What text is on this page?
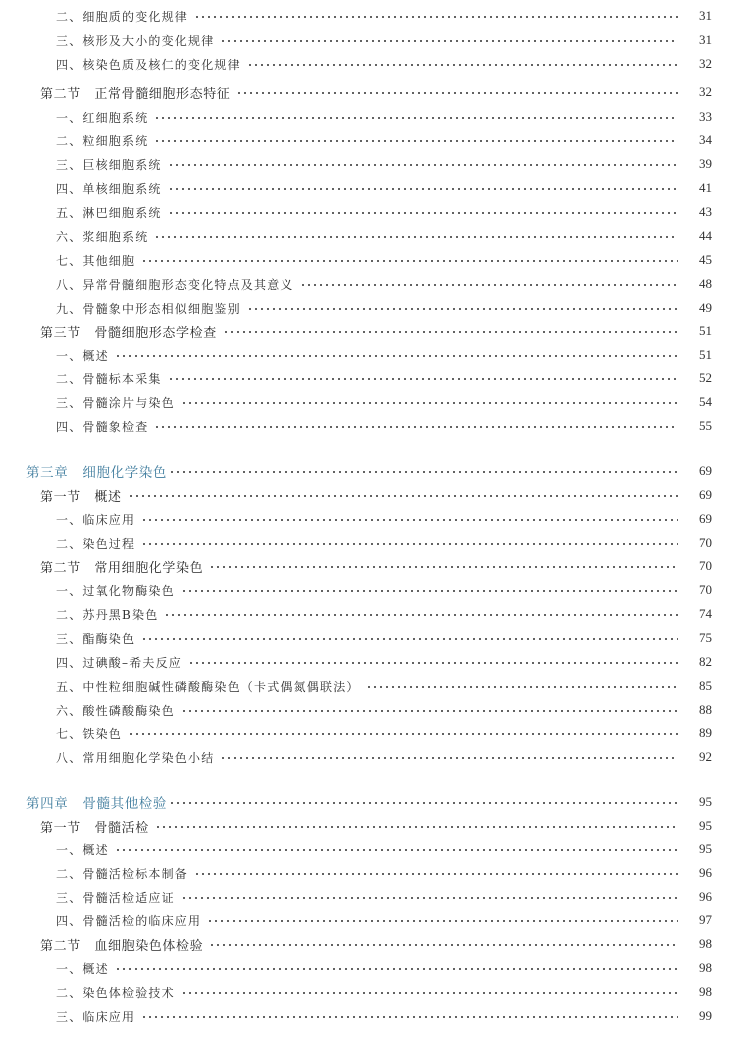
二、细胞质的变化规律	31
三、核形及大小的变化规律	31
四、核染色质及核仁的变化规律	32
第二节　正常骨髓细胞形态特征	32
一、红细胞系统	33
二、粒细胞系统	34
三、巨核细胞系统	39
四、单核细胞系统	41
五、淋巴细胞系统	43
六、浆细胞系统	44
七、其他细胞	45
八、异常骨髓细胞形态变化特点及其意义	48
九、骨髓象中形态相似细胞鉴别	49
第三节　骨髓细胞形态学检查	51
一、概述	51
二、骨髓标本采集	52
三、骨髓涂片与染色	54
四、骨髓象检查	55
第三章　细胞化学染色	69
第一节　概述	69
一、临床应用	69
二、染色过程	70
第二节　常用细胞化学染色	70
一、过氧化物酶染色	70
二、苏丹黑B染色	74
三、酯酶染色	75
四、过碘酸–希夫反应	82
五、中性粒细胞碱性磷酸酶染色（卡式偶氮偶联法）	85
六、酸性磷酸酶染色	88
七、铁染色	89
八、常用细胞化学染色小结	92
第四章　骨髓其他检验	95
第一节　骨髓活检	95
一、概述	95
二、骨髓活检标本制备	96
三、骨髓活检适应证	96
四、骨髓活检的临床应用	97
第二节　血细胞染色体检验	98
一、概述	98
二、染色体检验技术	98
三、临床应用	99
